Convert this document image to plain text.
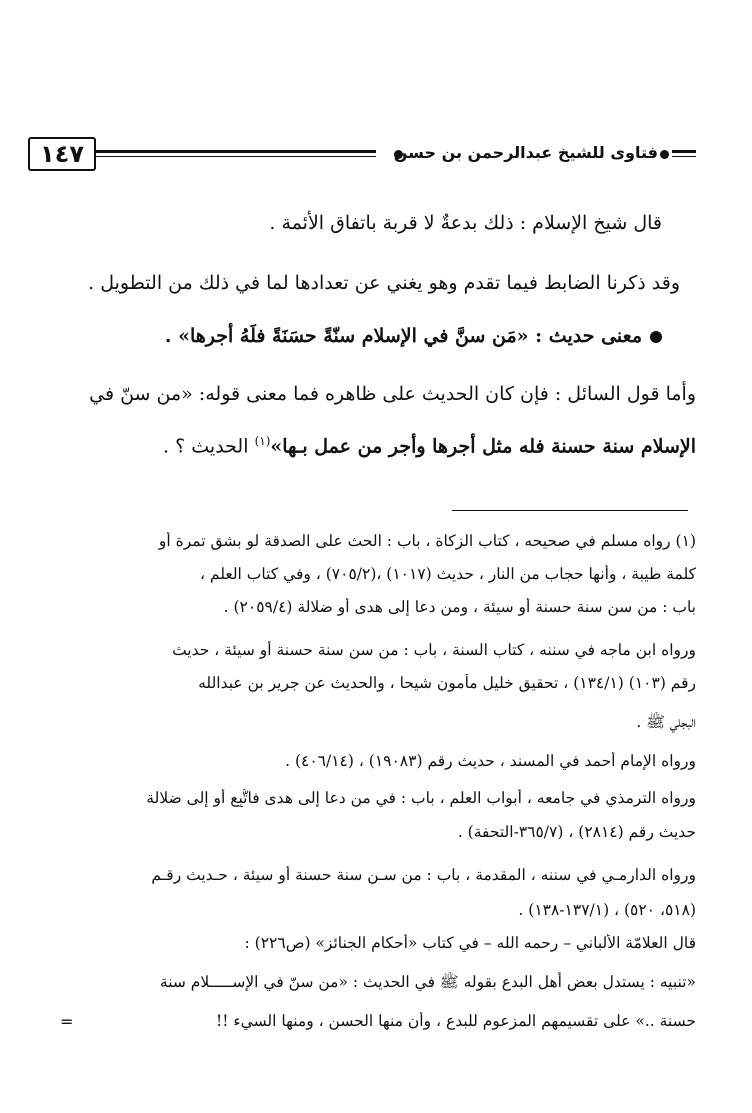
١٤٧	فتاوى للشيخ عبدالرحمن بن حسن
قال شيخ الإسلام : ذلك بدعةٌ لا قربة باتفاق الأئمة .
وقد ذكرنا الضابط فيما تقدم وهو يغني عن تعدادها لما في ذلك من التطويل .
معنى حديث : «مَن سنَّ في الإسلام سنّةً حسَنَةً فلَهُ أجرها» .
وأما قول السائل : فإن كان الحديث على ظاهره فما معنى قوله: «من سنّ في
الإسلام سنة حسنة فله مثل أجرها وأجر من عمل بـها»$^{(١)}$ الحديث ؟ .
(١) رواه مسلم في صحيحه ، كتاب الزكاة ، باب : الحث على الصدقة لو بشق تمرة أو
كلمة طيبة ، وأنها حجاب من النار ، حديث (١٠١٧) ،(٧٠٥/٢) ، وفي كتاب العلم ،
باب : من سن سنة حسنة أو سيئة ، ومن دعا إلى هدى أو ضلالة (٢٠٥٩/٤) .
ورواه ابن ماجه في سننه ، كتاب السنة ، باب : من سن سنة حسنة أو سيئة ، حديث
رقم (١٠٣) (١٣٤/١) ، تحقيق خليل مأمون شيحا ، والحديث عن جرير بن عبدالله
البجلي ﷺ .
ورواه الإمام أحمد في المسند ، حديث رقم (١٩٠٨٣) ، (٤٠٦/١٤) .
ورواه الترمذي في جامعه ، أبواب العلم ، باب : في من دعا إلى هدى فاتُّبِع أو إلى ضلالة
حديث رقم (٢٨١٤) ، (٣٦٥/٧-التحفة) .
ورواه الدارمـي في سننه ، المقدمة ، باب : من سـن سنة حسنة أو سيئة ، حـديث رقـم
(٥١٨، ٥٢٠) ، (١٣٧/١-١٣٨) .
قال العلامّة الألباني – رحمه الله – في كتاب «أحكام الجنائز» (ص٢٢٦) :
«تنبيه : يستدل بعض أهل البدع بقوله ﷺ في الحديث : «من سنّ في الإســـــلام سنة
حسنة ..» على تقسيمهم المزعوم للبدع ، وأن منها الحسن ، ومنها السيء !!
=
